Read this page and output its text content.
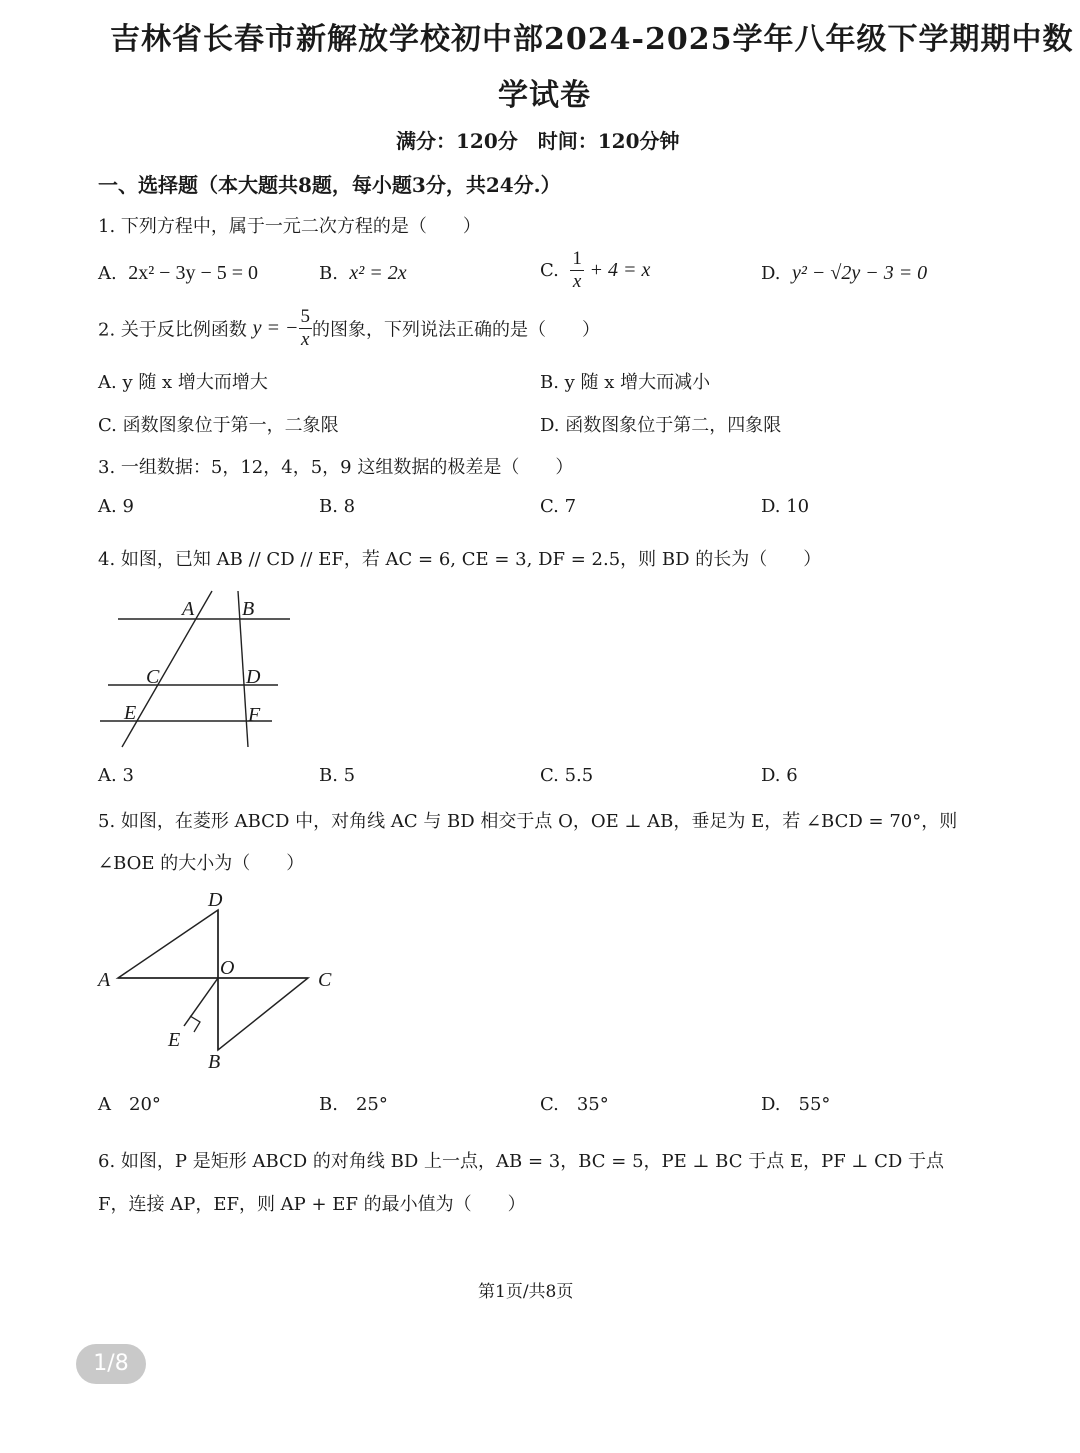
吉林省长春市新解放学校初中部2024-2025学年八年级下学期期中数
学试卷
满分：120分　时间：120分钟
一、选择题（本大题共8题，每小题3分，共24分.）
1. 下列方程中，属于一元二次方程的是（　　）
A. 2x² − 3y − 5 = 0	B. x² = 2x	C. $\frac{1}{x} + 4 = x$	D. y² − √2y − 3 = 0
2. 关于反比例函数 y = − $\frac{5}{x}$ 的图象，下列说法正确的是（　　）
A. y 随 x 增大而增大	B. y 随 x 增大而减小
C. 函数图象位于第一，二象限	D. 函数图象位于第二，四象限
3. 一组数据：5，12，4，5，9 这组数据的极差是（　　）
A. 9	B. 8	C. 7	D. 10
4. 如图，已知 AB // CD // EF，若 AC = 6, CE = 3, DF = 2.5，则 BD 的长为（　　）
A B
C	D
E	F
A. 3	B. 5	C. 5.5	D. 6
5. 如图，在菱形 ABCD 中，对角线 AC 与 BD 相交于点 O，OE ⊥ AB，垂足为 E，若 ∠BCD = 70°，则
∠BOE 的大小为（　　）
D
A
O
C
E
B
A　20°	B.　25°	C.　35°	D.　55°
6. 如图，P 是矩形 ABCD 的对角线 BD 上一点，AB = 3，BC = 5，PE ⊥ BC 于点 E，PF ⊥ CD 于点
F，连接 AP，EF，则 AP + EF 的最小值为（　　）
第1页/共8页
1/8
